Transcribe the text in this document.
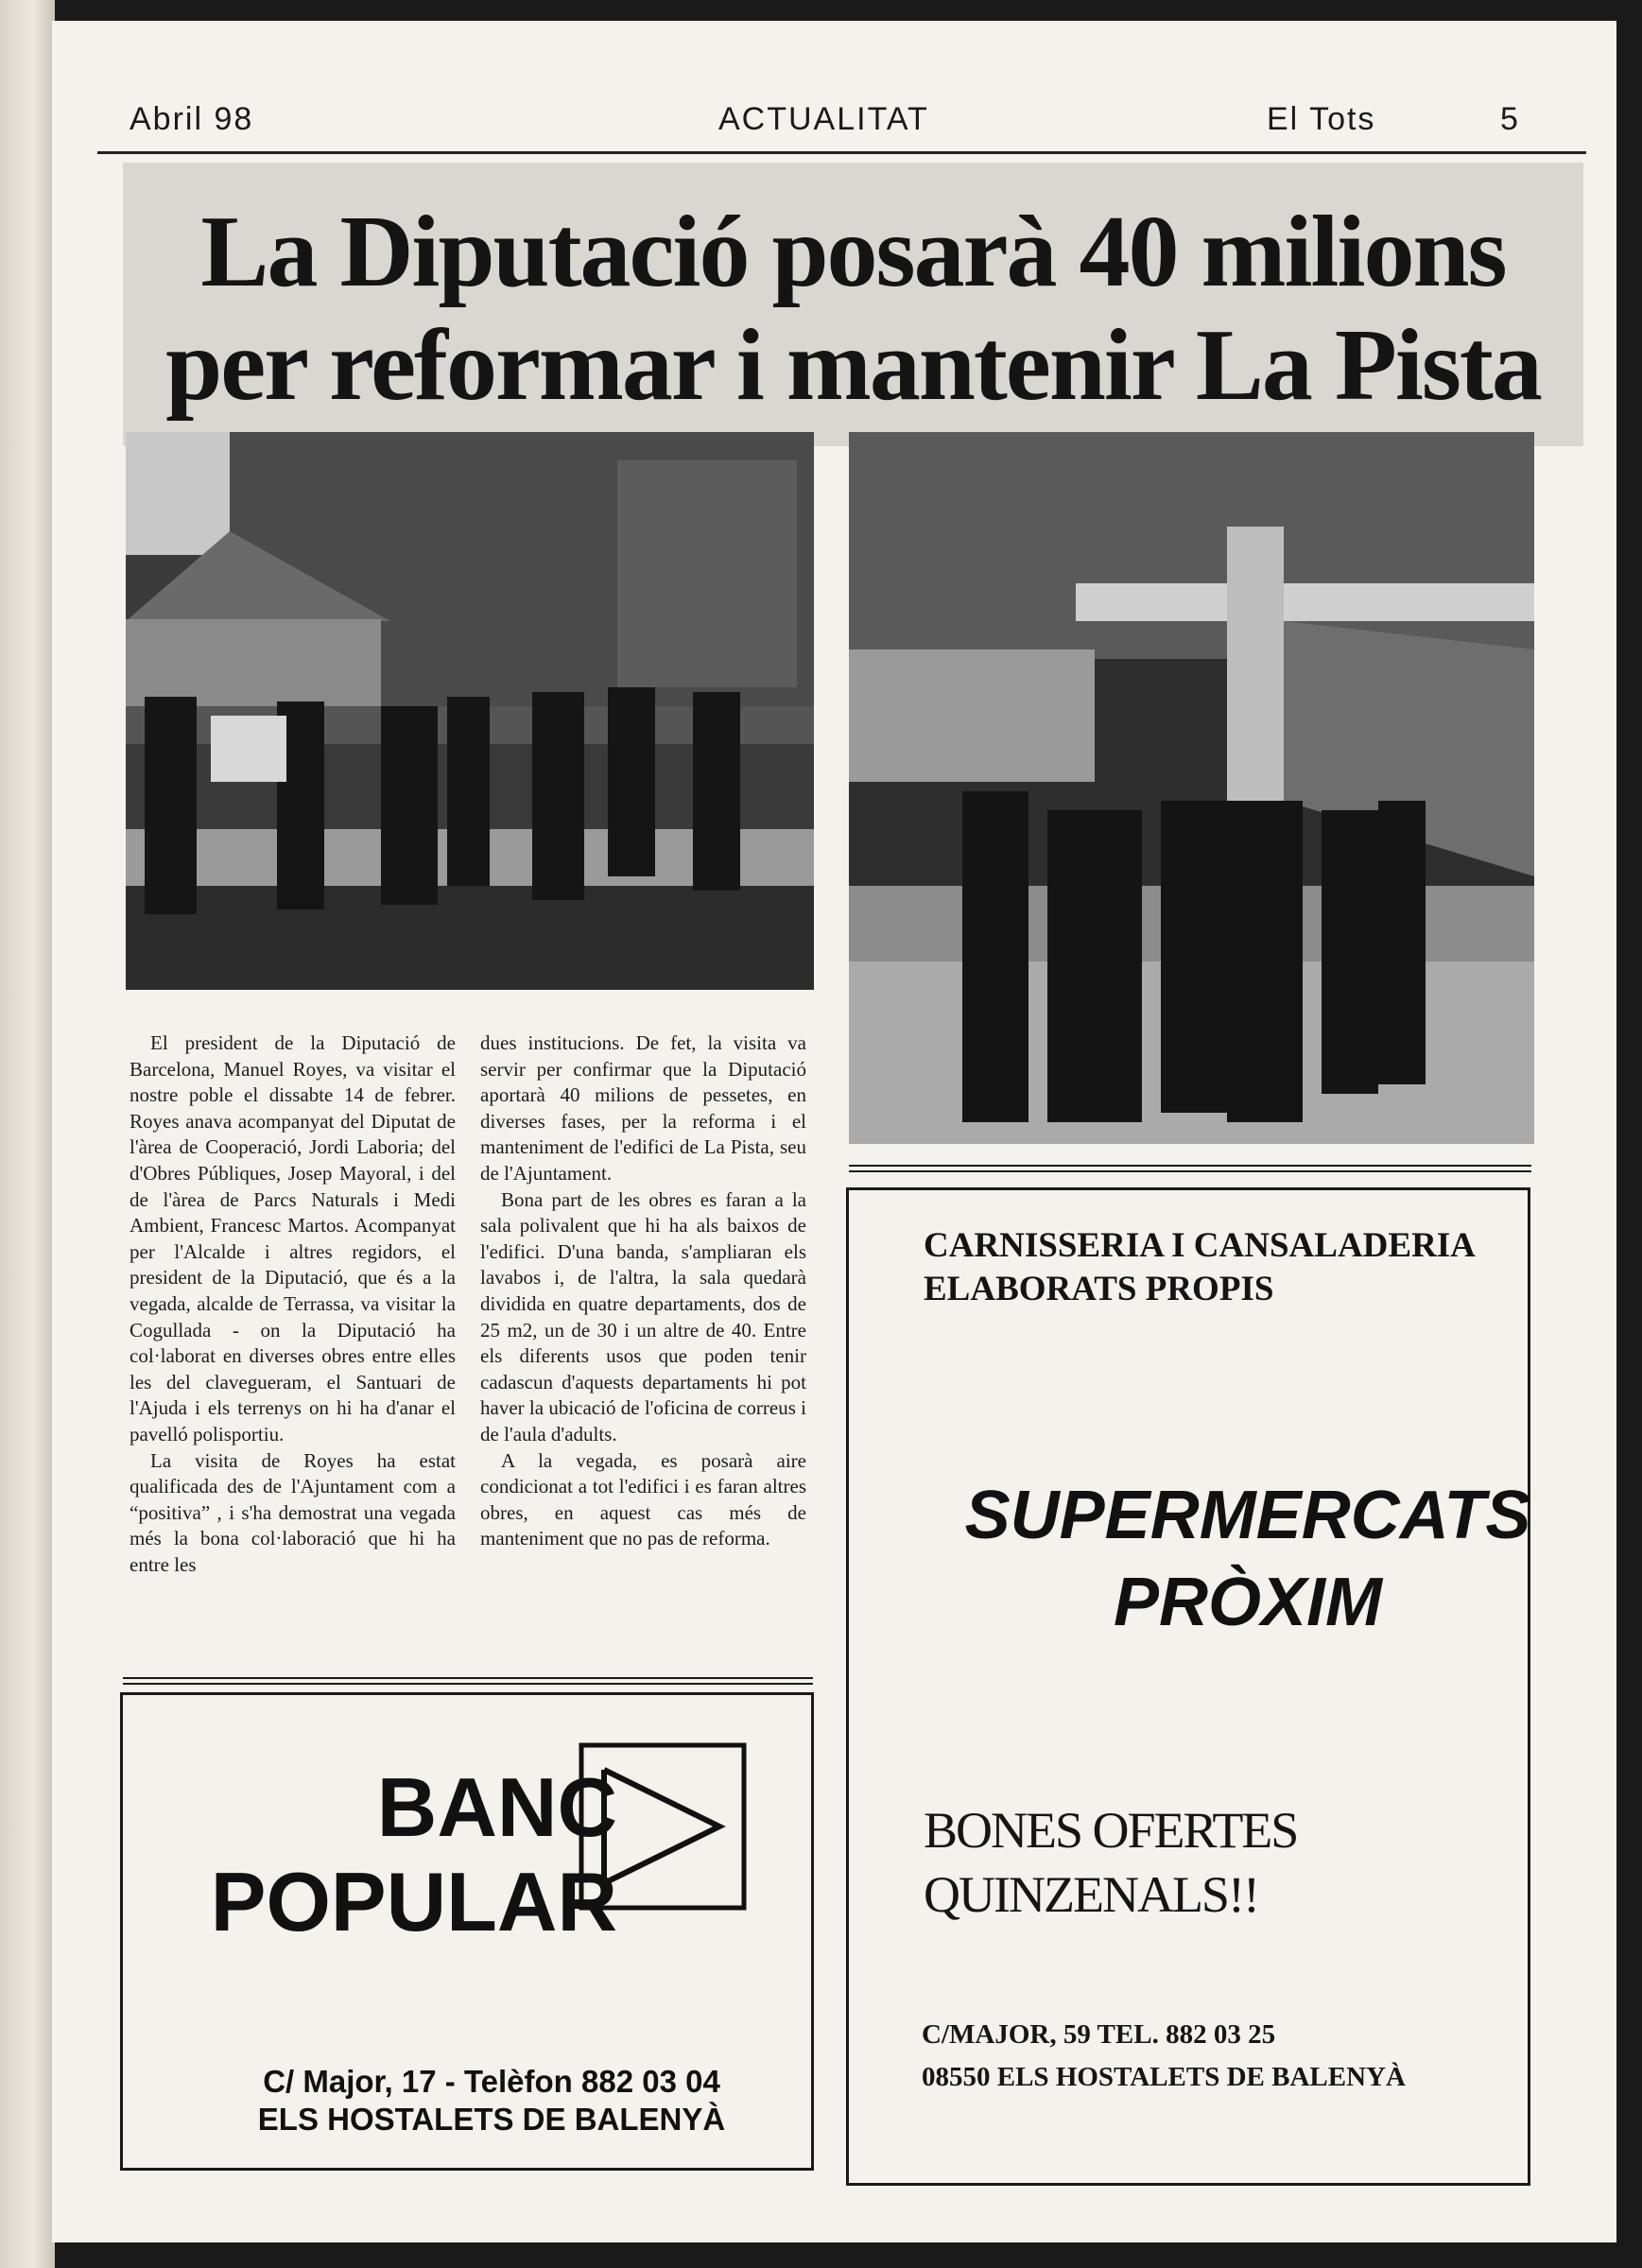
Abril 98	ACTUALITAT	El Tots	5
La Diputació posarà 40 milions
per reformar i mantenir La Pista

El president de la Diputació de Barcelona, Manuel Royes, va visitar el nostre poble el dissabte 14 de febrer. Royes anava acompanyat del Diputat de l'àrea de Cooperació, Jordi Laboria; del d'Obres Públiques, Josep Mayoral, i del de l'àrea de Parcs Naturals i Medi Ambient, Francesc Martos. Acompanyat per l'Alcalde i altres regidors, el president de la Diputació, que és a la vegada, alcalde de Terrassa, va visitar la Cogullada - on la Diputació ha col·laborat en diverses obres entre elles les del clavegueram, el Santuari de l'Ajuda i els terrenys on hi ha d'anar el pavelló polisportiu.

La visita de Royes ha estat qualificada des de l'Ajuntament com a “positiva” , i s'ha demostrat una vegada més la bona col·laboració que hi ha entre les

dues institucions. De fet, la visita va servir per confirmar que la Diputació aportarà 40 milions de pessetes, en diverses fases, per la reforma i el manteniment de l'edifici de La Pista, seu de l'Ajuntament.

Bona part de les obres es faran a la sala polivalent que hi ha als baixos de l'edifici. D'una banda, s'ampliaran els lavabos i, de l'altra, la sala quedarà dividida en quatre departaments, dos de 25 m2, un de 30 i un altre de 40. Entre els diferents usos que poden tenir cadascun d'aquests departaments hi pot haver la ubicació de l'oficina de correus i de l'aula d'adults.

A la vegada, es posarà aire condicionat a tot l'edifici i es faran altres obres, en aquest cas més de manteniment que no pas de reforma.

CARNISSERIA I CANSALADERIA
ELABORATS PROPIS
SUPERMERCATS
PRÒXIM
BONES OFERTES
QUINZENALS!!
C/MAJOR, 59 TEL. 882 03 25
08550 ELS HOSTALETS DE BALENYÀ
BANC
POPULAR
C/ Major, 17 - Telèfon 882 03 04
ELS HOSTALETS DE BALENYÀ
